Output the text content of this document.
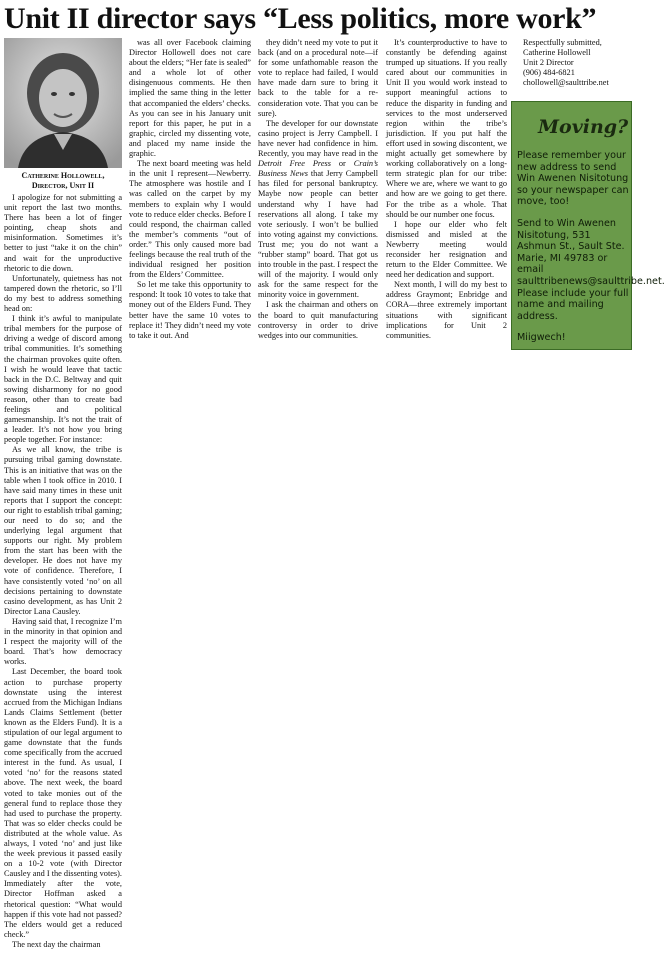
Unit II director says “Less politics, more work”
Catherine Hollowell,
Director, Unit II

I apologize for not submitting a unit report the last two months. There has been a lot of finger pointing, cheap shots and misinformation. Sometimes it’s better to just “take it on the chin” and wait for the unproductive rhetoric to die down.

Unfortunately, quietness has not tampered down the rhetoric, so I’ll do my best to address something head on:

I think it’s awful to manipulate tribal members for the purpose of driving a wedge of discord among tribal communities. It’s something the chairman provokes quite often. I wish he would leave that tactic back in the D.C. Beltway and quit sowing disharmony for no good reason, other than to create bad feelings and political gamesmanship. It’s not the trait of a leader. It’s not how you bring people together. For instance:

As we all know, the tribe is pursuing tribal gaming downstate. This is an initiative that was on the table when I took office in 2010. I have said many times in these unit reports that I support the concept: our right to establish tribal gaming; our need to do so; and the underlying legal argument that supports our right. My problem from the start has been with the developer. He does not have my vote of confidence. Therefore, I have consistently voted ‘no’ on all decisions pertaining to downstate casino development, as has Unit 2 Director Lana Causley.

Having said that, I recognize I’m in the minority in that opinion and I respect the majority will of the board. That’s how democracy works.

Last December, the board took action to purchase property downstate using the interest accrued from the Michigan Indians Lands Claims Settlement (better known as the Elders Fund). It is a stipulation of our legal argument to game downstate that the funds come specifically from the accrued interest in the fund. As usual, I voted ‘no’ for the reasons stated above. The next week, the board voted to take monies out of the general fund to replace those they had used to purchase the property. That was so elder checks could be distributed at the whole value. As always, I voted ‘no’ and just like the week previous it passed easily on a 10-2 vote (with Director Causley and I the dissenting votes). Immediately after the vote, Director Hoffman asked a rhetorical question: “What would happen if this vote had not passed? The elders would get a reduced check.”

The next day the chairman

was all over Facebook claiming Director Hollowell does not care about the elders; “Her fate is sealed” and a whole lot of other disingenuous comments. He then implied the same thing in the letter that accompanied the elders’ checks. As you can see in his January unit report for this paper, he put in a graphic, circled my dissenting vote, and placed my name inside the graphic.

The next board meeting was held in the unit I represent—Newberry. The atmosphere was hostile and I was called on the carpet by my members to explain why I would vote to reduce elder checks. Before I could respond, the chairman called the member’s comments “out of order.” This only caused more bad feelings because the real truth of the individual resigned her position from the Elders’ Committee.

So let me take this opportunity to respond: It took 10 votes to take that money out of the Elders Fund. They better have the same 10 votes to replace it! They didn’t need my vote to take it out. And

they didn’t need my vote to put it back (and on a procedural note—if for some unfathomable reason the vote to replace had failed, I would have made darn sure to bring it back to the table for a re-consideration vote. That you can be sure).

The developer for our downstate casino project is Jerry Campbell. I have never had confidence in him. Recently, you may have read in the Detroit Free Press or Crain’s Business News that Jerry Campbell has filed for personal bankruptcy. Maybe now people can better understand why I have had reservations all along. I take my vote seriously. I won’t be bullied into voting against my convictions. Trust me; you do not want a “rubber stamp” board. That got us into trouble in the past. I respect the will of the majority. I would only ask for the same respect for the minority voice in government.

I ask the chairman and others on the board to quit manufacturing controversy in order to drive wedges into our communities.

It’s counterproductive to have to constantly be defending against trumped up situations. If you really cared about our communities in Unit II you would work instead to support meaningful actions to reduce the disparity in funding and services to the most underserved region within the tribe’s jurisdiction. If you put half the effort used in sowing discontent, we might actually get somewhere by working collaboratively on a long-term strategic plan for our tribe: Where we are, where we want to go and how are we going to get there. For the tribe as a whole. That should be our number one focus.

I hope our elder who felt dismissed and misled at the Newberry meeting would reconsider her resignation and return to the Elder Committee. We need her dedication and support.

Next month, I will do my best to address Graymont; Enbridge and CORA—three extremely important situations with significant implications for Unit 2 communities.

Respectfully submitted,
Catherine Hollowell
Unit 2 Director
(906) 484-6821
chollowell@saulttribe.net
Moving?

Please remember your new address to send Win Awenen Nisitotung so your newspaper can move, too!

Send to Win Awenen Nisitotung, 531 Ashmun St., Sault Ste. Marie, MI 49783 or email saulttribenews@saulttribe.net. Please include your full name and mailing address.

Miigwech!
